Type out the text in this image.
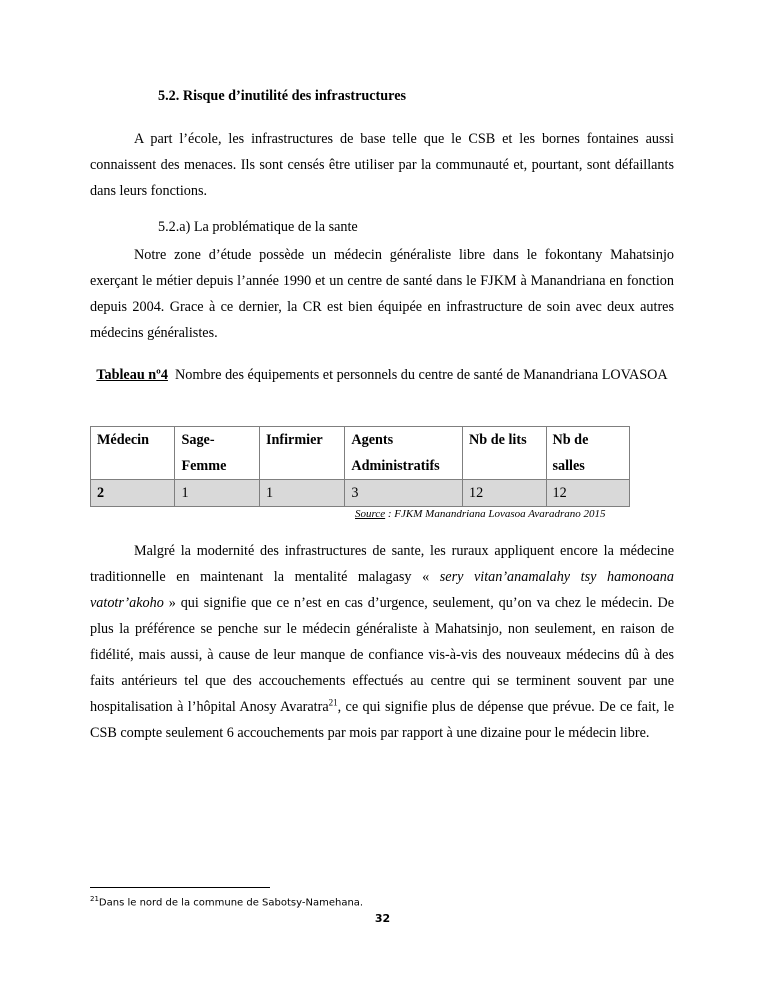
5.2. Risque d’inutilité des infrastructures
A part l’école, les infrastructures de base telle que le CSB et les bornes fontaines aussi connaissent des menaces. Ils sont censés être utiliser par la communauté et, pourtant, sont défaillants dans leurs fonctions.
5.2.a) La problématique de la sante
Notre zone d’étude possède un médecin généraliste libre dans le fokontany Mahatsinjo exerçant le métier depuis l’année 1990 et un centre de santé dans le FJKM à Manandriana en fonction depuis 2004. Grace à ce dernier, la CR est bien équipée en infrastructure de soin avec deux autres médecins généralistes.
Tableau nº4 Nombre des équipements et personnels du centre de santé de Manandriana LOVASOA
Médecin	Sage-Femme	Infirmier	Agents Administratifs	Nb de lits	Nb de salles
2	1	1	3	12	12
Source : FJKM Manandriana Lovasoa Avaradrano 2015
Malgré la modernité des infrastructures de sante, les ruraux appliquent encore la médecine traditionnelle en maintenant la mentalité malagasy « sery vitan’anamalahy tsy hamonoana vatotr’akoho » qui signifie que ce n’est en cas d’urgence, seulement, qu’on va chez le médecin. De plus la préférence se penche sur le médecin généraliste à Mahatsinjo, non seulement, en raison de fidélité, mais aussi, à cause de leur manque de confiance vis-à-vis des nouveaux médecins dû à des faits antérieurs tel que des accouchements effectués au centre qui se terminent souvent par une hospitalisation à l’hôpital Anosy Avaratra$^{21}$, ce qui signifie plus de dépense que prévue. De ce fait, le CSB compte seulement 6 accouchements par mois par rapport à une dizaine pour le médecin libre.
$^{21}$Dans le nord de la commune de Sabotsy-Namehana.
32
